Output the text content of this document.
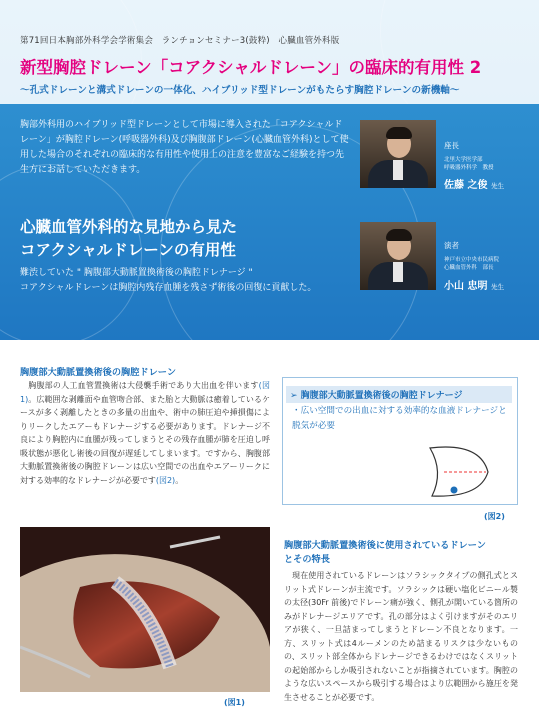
第71回日本胸部外科学会学術集会　ランチョンセミナー3(鼓粋)　心臓血管外科版
新型胸腔ドレーン「コアクシャルドレーン」の臨床的有用性 2
〜孔式ドレーンと溝式ドレーンの一体化、ハイブリッド型ドレーンがもたらす胸腔ドレーンの新機軸〜
胸部外科用のハイブリッド型ドレーンとして市場に導入された「コアクシャルドレーン」が胸腔ドレーン(呼吸器外科)及び胸腹部ドレーン(心臓血管外科)として使用した場合のそれぞれの臨床的な有用性や使用上の注意を豊富なご経験を持つ先生方にお話していただきます。
心臓血管外科的な見地から見た
コアクシャルドレーンの有用性
難渋していた " 胸腹部大動脈置換術後の胸腔ドレナージ "
コアクシャルドレーンは胸腔内残存血腫を残さず術後の回復に貢献した。
座長
北里大学医学部
呼吸器外科学　教授
佐藤 之俊 先生
演者
神戸市立中央市民病院
心臓血管外科　部長
小山 忠明 先生
胸腹部大動脈置換術後の胸腔ドレーン
　胸腹部の人工血管置換術は大侵襲手術であり大出血を伴います(図1)。広範囲な剥離面や血管吻合部、また胎と大動脈は癒着しているケースが多く剥離したときの多量の出血や、術中の肺圧迫や挿損傷によりリークしたエアーもドレナージする必要があります。ドレナージ不良により胸腔内に血腫が残ってしまうとその残存血腫が肺を圧迫し呼吸状態が悪化し術後の回復が遅延してしまいます。ですから、胸腹部大動脈置換術後の胸腔ドレーンは広い空間での出血やエアーリークに対する効率的なドレナージが必要です(図2)。
➢ 胸腹部大動脈置換術後の胸腔ドレナージ
・広い空間での出血に対する効率的な血液ドレナージと脱気が必要
(図2)
胸腹部大動脈置換術後に使用されているドレーン
とその特長
　現在使用されているドレーンはソラシックタイプの側孔式とスリット式ドレーンが主流です。ソラシックは硬い塩化ビニール製の太径(30Fr 前後)でドレーン痛が強く、側孔が開いている箇所のみがドレナージエリアです。孔の部分はよく引けますがそのエリアが狭く、一旦詰まってしまうとドレーン不良となります。一方、スリット式は4ルーメンのため詰まるリスクは少ないものの、スリット部全体からドレナージできるわけではなくスリットの起始部からしか吸引されないことが指摘されています。胸腔のような広いスペースから吸引する場合はより広範囲から施圧を発生させることが必要です。
(図1)
